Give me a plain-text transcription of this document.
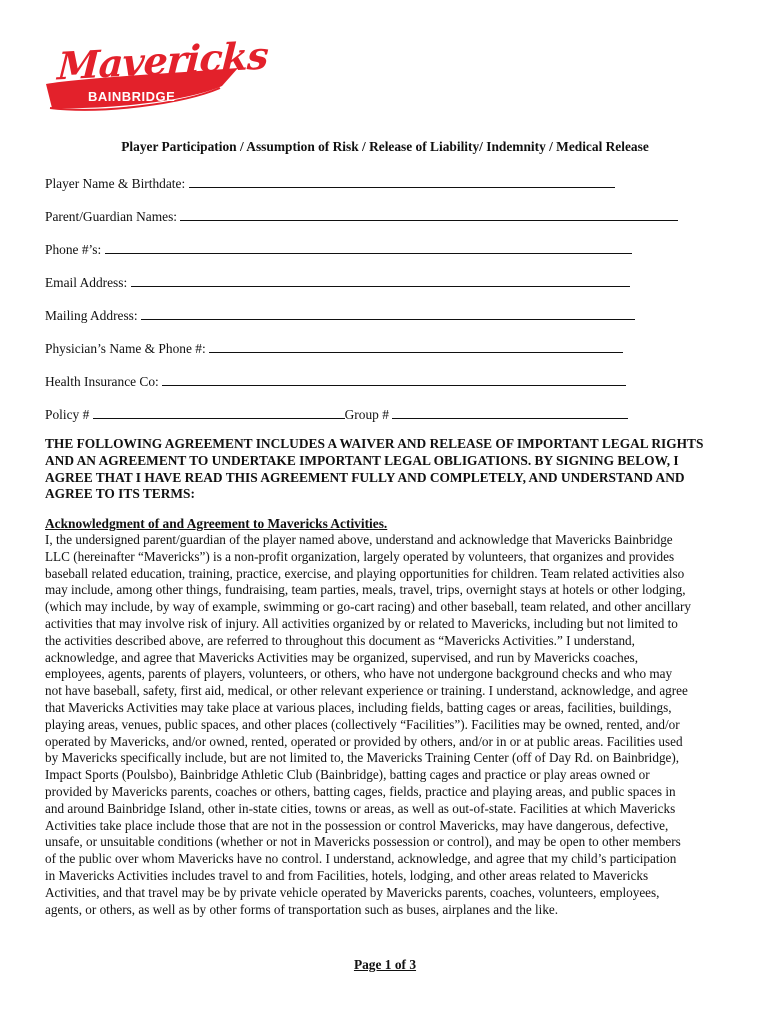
Mavericks
BAINBRIDGE
Player Participation / Assumption of Risk / Release of Liability/ Indemnity / Medical Release
Player Name & Birthdate:
Parent/Guardian Names:
Phone #’s:
Email Address:
Mailing Address:
Physician’s Name & Phone #:
Health Insurance Co:
Policy #	Group #
THE FOLLOWING AGREEMENT INCLUDES A WAIVER AND RELEASE OF IMPORTANT LEGAL RIGHTS AND AN AGREEMENT TO UNDERTAKE IMPORTANT LEGAL OBLIGATIONS. BY SIGNING BELOW, I AGREE THAT I HAVE READ THIS AGREEMENT FULLY AND COMPLETELY, AND UNDERSTAND AND AGREE TO ITS TERMS:
Acknowledgment of and Agreement to Mavericks Activities.
I, the undersigned parent/guardian of the player named above, understand and acknowledge that Mavericks Bainbridge
LLC (hereinafter “Mavericks”) is a non-profit organization, largely operated by volunteers, that organizes and provides
baseball related education, training, practice, exercise, and playing opportunities for children. Team related activities also
may include, among other things, fundraising, team parties, meals, travel, trips, overnight stays at hotels or other lodging,
(which may include, by way of example, swimming or go-cart racing) and other baseball, team related, and other ancillary
activities that may involve risk of injury. All activities organized by or related to Mavericks, including but not limited to
the activities described above, are referred to throughout this document as “Mavericks Activities.” I understand,
acknowledge, and agree that Mavericks Activities may be organized, supervised, and run by Mavericks coaches,
employees, agents, parents of players, volunteers, or others, who have not undergone background checks and who may
not have baseball, safety, first aid, medical, or other relevant experience or training. I understand, acknowledge, and agree
that Mavericks Activities may take place at various places, including fields, batting cages or areas, facilities, buildings,
playing areas, venues, public spaces, and other places (collectively “Facilities”). Facilities may be owned, rented, and/or
operated by Mavericks, and/or owned, rented, operated or provided by others, and/or in or at public areas. Facilities used
by Mavericks specifically include, but are not limited to, the Mavericks Training Center (off of Day Rd. on Bainbridge),
Impact Sports (Poulsbo), Bainbridge Athletic Club (Bainbridge), batting cages and practice or play areas owned or
provided by Mavericks parents, coaches or others, batting cages, fields, practice and playing areas, and public spaces in
and around Bainbridge Island, other in-state cities, towns or areas, as well as out-of-state. Facilities at which Mavericks
Activities take place include those that are not in the possession or control Mavericks, may have dangerous, defective,
unsafe, or unsuitable conditions (whether or not in Mavericks possession or control), and may be open to other members
of the public over whom Mavericks have no control. I understand, acknowledge, and agree that my child’s participation
in Mavericks Activities includes travel to and from Facilities, hotels, lodging, and other areas related to Mavericks
Activities, and that travel may be by private vehicle operated by Mavericks parents, coaches, volunteers, employees,
agents, or others, as well as by other forms of transportation such as buses, airplanes and the like.
Page 1 of 3
